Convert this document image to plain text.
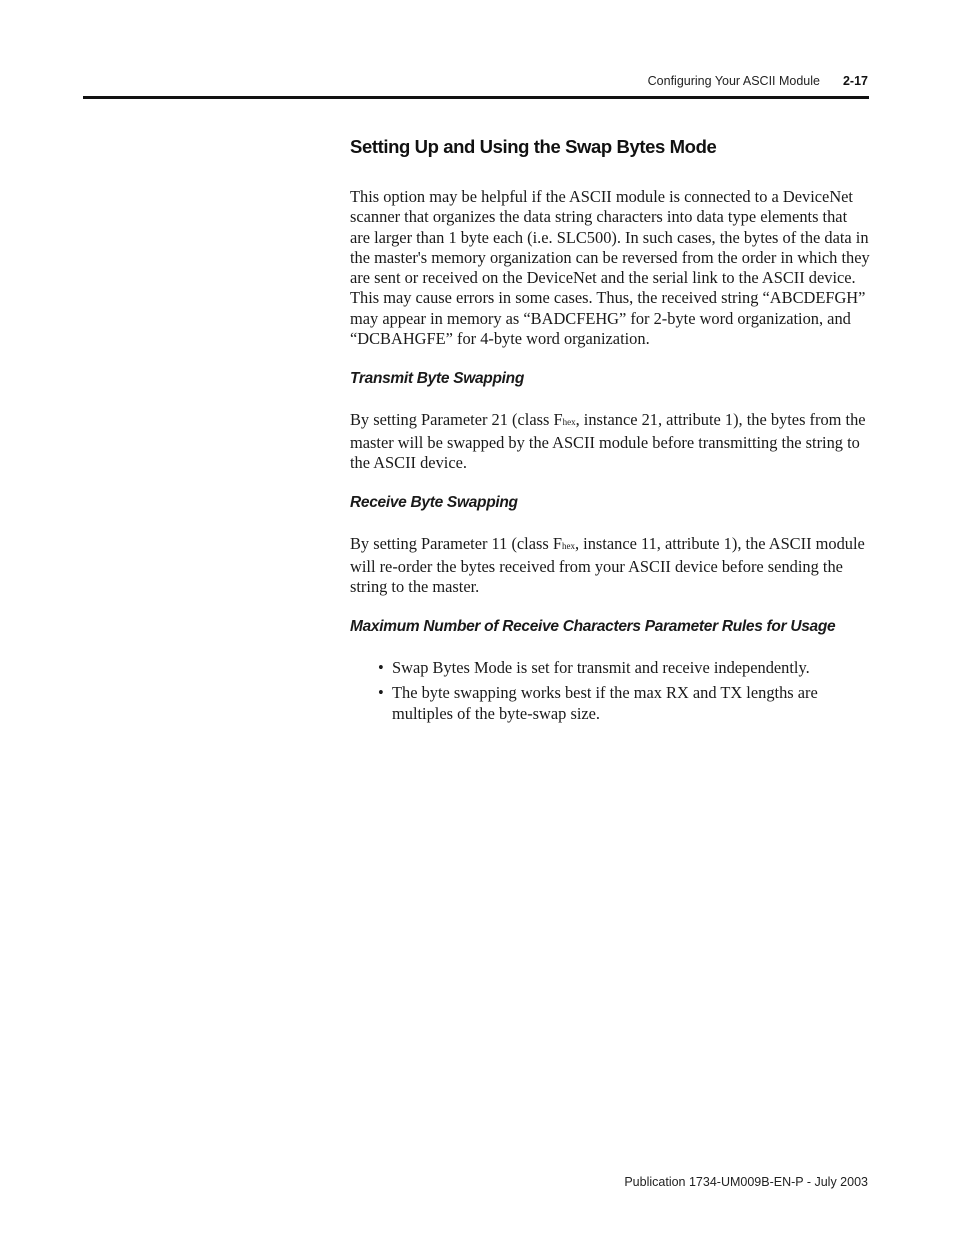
Configuring Your ASCII Module 2-17
Setting Up and Using the Swap Bytes Mode

This option may be helpful if the ASCII module is connected to a DeviceNet scanner that organizes the data string characters into data type elements that are larger than 1 byte each (i.e. SLC500). In such cases, the bytes of the data in the master's memory organization can be reversed from the order in which they are sent or received on the DeviceNet and the serial link to the ASCII device. This may cause errors in some cases. Thus, the received string “ABCDEFGH” may appear in memory as “BADCFEHG” for 2-byte word organization, and “DCBAHGFE” for 4-byte word organization.

Transmit Byte Swapping

By setting Parameter 21 (class Fhex, instance 21, attribute 1), the bytes from the master will be swapped by the ASCII module before transmitting the string to the ASCII device.

Receive Byte Swapping

By setting Parameter 11 (class Fhex, instance 11, attribute 1), the ASCII module will re-order the bytes received from your ASCII device before sending the string to the master.

Maximum Number of Receive Characters Parameter Rules for Usage
• Swap Bytes Mode is set for transmit and receive independently.
• The byte swapping works best if the max RX and TX lengths are multiples of the byte-swap size.
Publication 1734-UM009B-EN-P - July 2003
